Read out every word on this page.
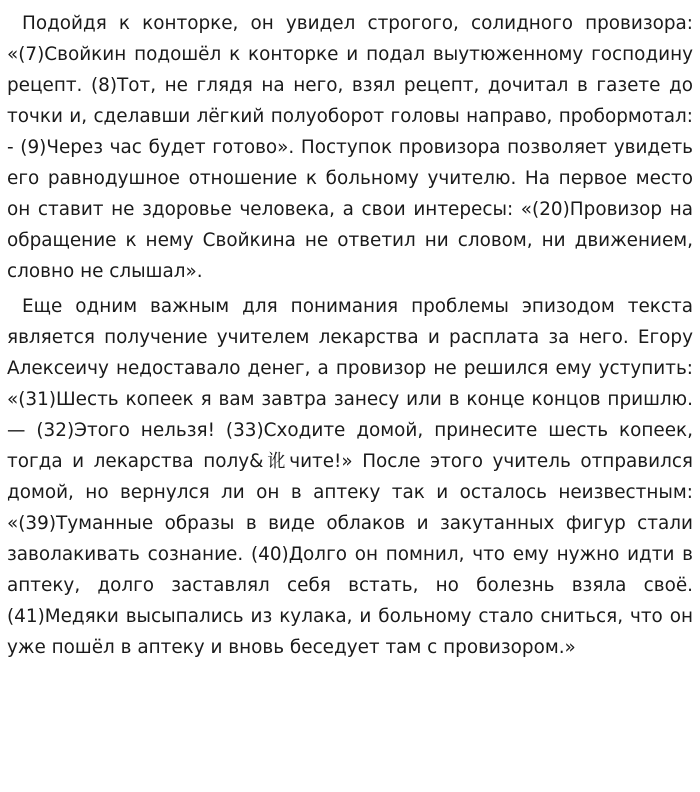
Подойдя к конторке, он увидел строгого, солидного провизора: «(7)Свойкин подошёл к конторке и подал выутюженному господину рецепт. (8)Тот, не глядя на него, взял рецепт, дочитал в газете до точки и, сделавши лёгкий полуоборот головы направо, пробормотал: - (9)Через час будет готово». Поступок провизора позволяет увидеть его равнодушное отношение к больному учителю. На первое место он ставит не здоровье человека, а свои интересы: «(20)Провизор на обращение к нему Свойкина не ответил ни словом, ни движением, словно не слышал».

Еще одним важным для понимания проблемы эпизодом текста является получение учителем лекарства и расплата за него. Егору Алексеичу недоставало денег, а провизор не решился ему уступить: «(31)Шесть копеек я вам завтра занесу или в конце концов пришлю. — (32)Этого нельзя! (33)Сходите домой, принесите шесть копеек, тогда и лекарства полу&讹чите!» После этого учитель отправился домой, но вернулся ли он в аптеку так и осталось неизвестным: «(39)Туманные образы в виде облаков и закутанных фигур стали заволакивать сознание. (40)Долго он помнил, что ему нужно идти в аптеку, долго заставлял себя встать, но болезнь взяла своё. (41)Медяки высыпались из кулака, и больному стало сниться, что он уже пошёл в аптеку и вновь беседует там с провизором.»
